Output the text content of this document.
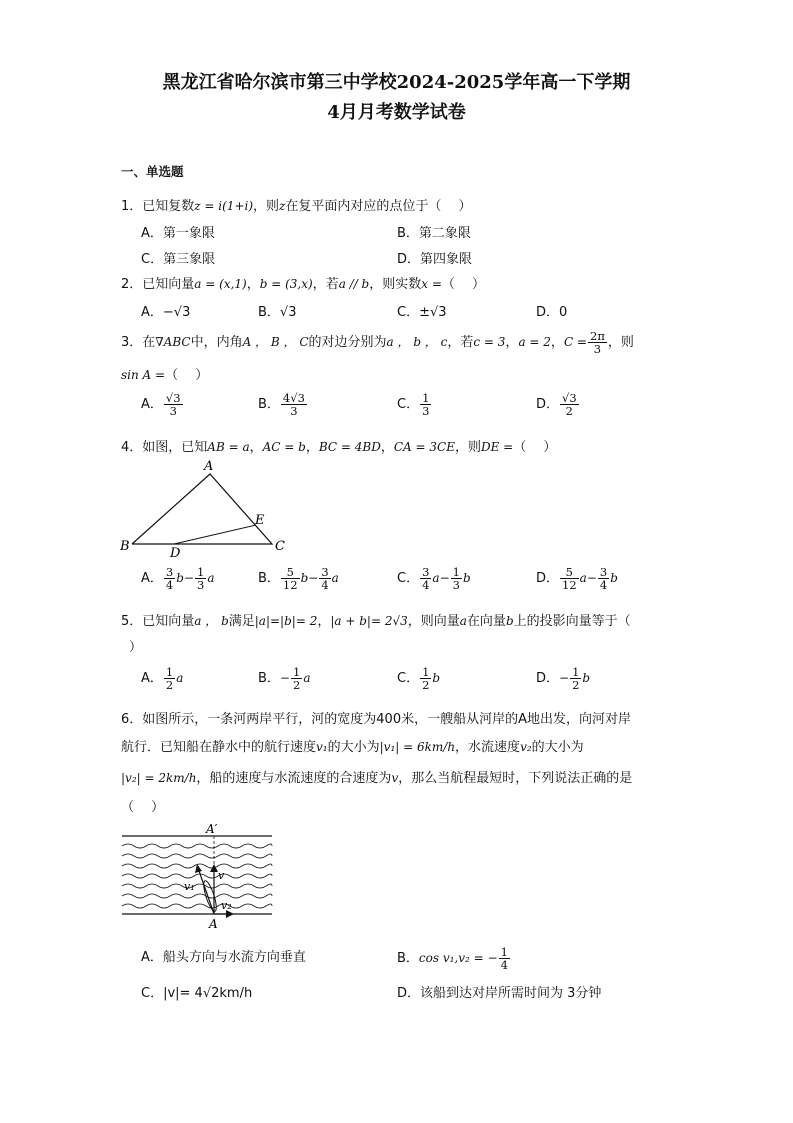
黑龙江省哈尔滨市第三中学校2024-2025学年高一下学期
4月月考数学试卷
一、单选题
1．已知复数z = i(1+i)，则z在复平面内对应的点位于（　 ）
A．第一象限	B．第二象限
C．第三象限	D．第四象限
2．已知向量a = (x,1)，b = (3,x)，若a // b，则实数x =（　 ）
A．−√3	B．√3	C．±√3	D．0
3．在∇ABC中，内角A ， B ， C的对边分别为a ， b ， c，若c = 3，a = 2，$C = \frac{2\pi}{3}$ ，则
sin A =（　 ）
A． $\frac{√3}{3}$	B． $\frac{4√3}{3}$	C． $\frac{1}{3}$	D． $\frac{√3}{2}$
4．如图，已知AB = a，AC = b，BC = 4BD，CA = 3CE，则DE =（　 ）
A
B	C
D
E
A． $\frac{3}{4} b- \frac{1}{3}$ a	B． $\frac{5}{12} b- \frac{3}{4}$ a	C． $\frac{3}{4} a- \frac{1}{3}$ b	D． $\frac{5}{12} a- \frac{3}{4}$ b
5．已知向量a ， b满足|a|=|b|= 2，|a + b|= 2√3，则向量a在向量b上的投影向量等于（
）
A． $\frac{1}{2}$ a	B．− $\frac{1}{2}$ a	C． $\frac{1}{2}$ b	D．− $\frac{1}{2}$ b
6．如图所示，一条河两岸平行，河的宽度为400米，一艘船从河岸的A地出发，向河对岸
航行．已知船在静水中的航行速度v₁的大小为|v₁| = 6km/h，水流速度v₂的大小为
|v₂| = 2km/h，船的速度与水流速度的合速度为v，那么当航程最短时，下列说法正确的是
（　 ）
A′
A
v
v₁
v₂
A．船头方向与水流方向垂直	B．cos v₁,v₂ = − $\frac{1}{4}$
C．|v|= 4√2km/h	D．该船到达对岸所需时间为 3分钟
